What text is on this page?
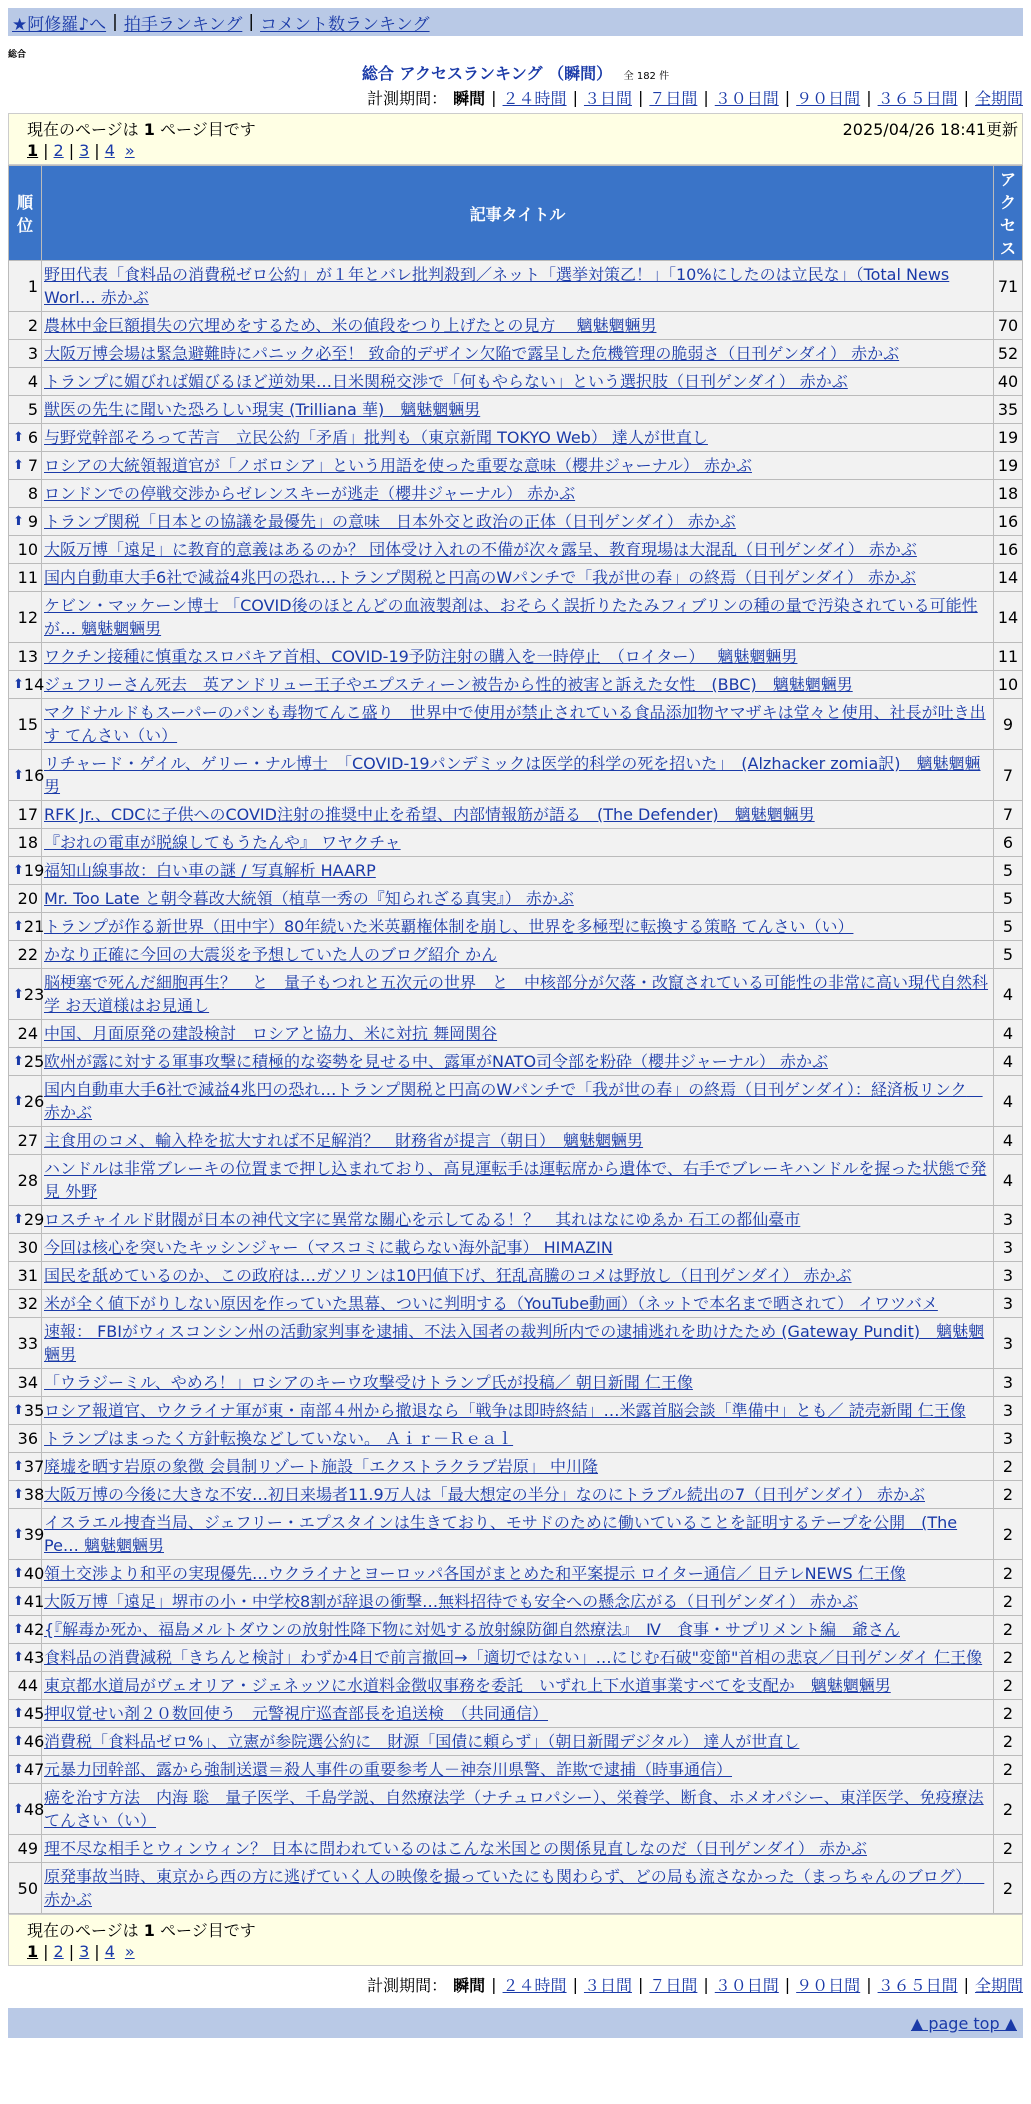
★阿修羅♪へ | 拍手ランキング | コメント数ランキング
総合
総合 アクセスランキング （瞬間） 全 182 件
計測期間： 瞬間 | ２４時間 | ３日間 | ７日間 | ３０日間 | ９０日間 | ３６５日間 | 全期間
現在のページは 1 ページ目です	2025/04/26 18:41更新
1 | 2 | 3 | 4 »
順位	記事タイトル	アクセス
1	野田代表「食料品の消費税ゼロ公約」が１年とバレ批判殺到／ネット「選挙対策乙！」「10%にしたのは立民な」（Total News Worl… 赤かぶ	71
2	農林中金巨額損失の穴埋めをするため、米の値段をつり上げたとの見方　 魑魅魍魎男	70
3	大阪万博会場は緊急避難時にパニック必至！ 致命的デザイン欠陥で露呈した危機管理の脆弱さ（日刊ゲンダイ） 赤かぶ	52
4	トランプに媚びれば媚びるほど逆効果…日米関税交渉で「何もやらない」という選択肢（日刊ゲンダイ） 赤かぶ	40
5	獣医の先生に聞いた恐ろしい現実 (Trilliana 華)　魑魅魍魎男	35

⬆ 6	与野党幹部そろって苦言　立民公約「矛盾」批判も（東京新聞 TOKYO Web） 達人が世直し	19

⬆ 7	ロシアの大統領報道官が「ノボロシア」という用語を使った重要な意味（櫻井ジャーナル） 赤かぶ	19
8	ロンドンでの停戦交渉からゼレンスキーが逃走（櫻井ジャーナル） 赤かぶ	18

⬆ 9	トランプ関税「日本との協議を最優先」の意味　日本外交と政治の正体（日刊ゲンダイ） 赤かぶ	16
10	大阪万博「遠足」に教育的意義はあるのか？ 団体受け入れの不備が次々露呈、教育現場は大混乱（日刊ゲンダイ） 赤かぶ	16
11	国内自動車大手6社で減益4兆円の恐れ…トランプ関税と円高のWパンチで「我が世の春」の終焉（日刊ゲンダイ） 赤かぶ	14
12	ケビン・マッケーン博士 「COVID後のほとんどの血液製剤は、おそらく誤折りたたみフィブリンの種の量で汚染されている可能性が… 魑魅魍魎男	14
13	ワクチン接種に慎重なスロバキア首相、COVID-19予防注射の購入を一時停止　（ロイター）　 魑魅魍魎男	11

⬆ 14	ジュフリーさん死去　英アンドリュー王子やエプスティーン被告から性的被害と訴えた女性　(BBC)　魑魅魍魎男	10
15	マクドナルドもスーパーのパンも毒物てんこ盛り　世界中で使用が禁止されている食品添加物ヤマザキは堂々と使用、社長が吐き出す てんさい（い）	9

⬆ 16	リチャード・ゲイル、ゲリー・ナル博士　「COVID-19パンデミックは医学的科学の死を招いた」　(Alzhacker zomia訳)　魑魅魍魎男	7
17	RFK Jr.、CDCに子供へのCOVID注射の推奨中止を希望、内部情報筋が語る　(The Defender)　魑魅魍魎男	7
18	『おれの電車が脱線してもうたんや』 ワヤクチャ	6

⬆ 19	福知山線事故：白い車の謎 / 写真解析 HAARP	5
20	Mr. Too Late と朝令暮改大統領（植草一秀の『知られざる真実』） 赤かぶ	5

⬆ 21	トランプが作る新世界（田中宇）80年続いた米英覇権体制を崩し、世界を多極型に転換する策略 てんさい（い）	5
22	かなり正確に今回の大震災を予想していた人のブログ紹介 かん	5

⬆ 23	脳梗塞で死んだ細胞再生？　と　量子もつれと五次元の世界　と　中核部分が欠落・改竄されている可能性の非常に高い現代自然科学 お天道様はお見通し	4
24	中国、月面原発の建設検討　ロシアと協力、米に対抗 舞岡関谷	4

⬆ 25	欧州が露に対する軍事攻撃に積極的な姿勢を見せる中、露軍がNATO司令部を粉砕（櫻井ジャーナル） 赤かぶ	4

⬆ 26	国内自動車大手6社で減益4兆円の恐れ…トランプ関税と円高のWパンチで「我が世の春」の終焉（日刊ゲンダイ）：経済板リンク　赤かぶ	4
27	主食用のコメ、輸入枠を拡大すれば不足解消？　財務省が提言（朝日）　魑魅魍魎男	4
28	ハンドルは非常ブレーキの位置まで押し込まれており、高見運転手は運転席から遺体で、右手でブレーキハンドルを握った状態で発見 外野	4

⬆ 29	ロスチャイルド財閥が日本の神代文字に異常な關心を示してゐる！？　其れはなにゆゑか 石工の都仙臺市	3
30	今回は核心を突いたキッシンジャー（マスコミに載らない海外記事） HIMAZIN	3
31	国民を舐めているのか、この政府は…ガソリンは10円値下げ、狂乱高騰のコメは野放し（日刊ゲンダイ） 赤かぶ	3
32	米が全く値下がりしない原因を作っていた黒幕、ついに判明する（YouTube動画）（ネットで本名まで晒されて） イワツバメ	3
33	速報： FBIがウィスコンシン州の活動家判事を逮捕、不法入国者の裁判所内での逮捕逃れを助けたため (Gateway Pundit)　魑魅魍魎男	3
34	「ウラジーミル、やめろ！」ロシアのキーウ攻撃受けトランプ氏が投稿／ 朝日新聞 仁王像	3

⬆ 35	ロシア報道官、ウクライナ軍が東・南部４州から撤退なら「戦争は即時終結」…米露首脳会談「準備中」とも／ 読売新聞 仁王像	3
36	トランプはまったく方針転換などしていない。 Ａｉｒ－Ｒｅａｌ	3

⬆ 37	廃墟を晒す岩原の象徴 会員制リゾート施設「エクストラクラブ岩原」 中川隆	2

⬆ 38	大阪万博の今後に大きな不安…初日来場者11.9万人は「最大想定の半分」なのにトラブル続出の7（日刊ゲンダイ） 赤かぶ	2

⬆ 39	イスラエル捜査当局、ジェフリー・エプスタインは生きており、モサドのために働いていることを証明するテープを公開　(The Pe… 魑魅魍魎男	2

⬆ 40	領土交渉より和平の実現優先…ウクライナとヨーロッパ各国がまとめた和平案提示 ロイター通信／ 日テレNEWS 仁王像	2

⬆ 41	大阪万博「遠足」堺市の小・中学校8割が辞退の衝撃…無料招待でも安全への懸念広がる（日刊ゲンダイ） 赤かぶ	2

⬆ 42	{『解毒か死か、福島メルトダウンの放射性降下物に対処する放射線防御自然療法』　Ⅳ　食事・サプリメント編　爺さん	2

⬆ 43	食料品の消費減税「きちんと検討」わずか4日で前言撤回→「適切ではない」…にじむ石破"変節"首相の悲哀／日刊ゲンダイ 仁王像	2
44	東京都水道局がヴェオリア・ジェネッツに水道料金徴収事務を委託　いずれ上下水道事業すべてを支配か　魑魅魍魎男	2

⬆ 45	押収覚せい剤２０数回使う　元警視庁巡査部長を追送検　（共同通信）	2

⬆ 46	消費税「食料品ゼロ%」、立憲が参院選公約に　財源「国債に頼らず」（朝日新聞デジタル） 達人が世直し	2

⬆ 47	元暴力団幹部、露から強制送還＝殺人事件の重要参考人－神奈川県警、詐欺で逮捕（時事通信）	2

⬆ 48	癌を治す方法　内海 聡　量子医学、千島学説、自然療法学（ナチュロパシー）、栄養学、断食、ホメオパシー、東洋医学、免疫療法 てんさい（い）	2
49	理不尽な相手とウィンウィン？ 日本に問われているのはこんな米国との関係見直しなのだ（日刊ゲンダイ） 赤かぶ	2
50	原発事故当時、東京から西の方に逃げていく人の映像を撮っていたにも関わらず、どの局も流さなかった（まっちゃんのブログ）　 赤かぶ	2
現在のページは 1 ページ目です
1 | 2 | 3 | 4 »
計測期間： 瞬間 | ２４時間 | ３日間 | ７日間 | ３０日間 | ９０日間 | ３６５日間 | 全期間
▲ page top ▲
